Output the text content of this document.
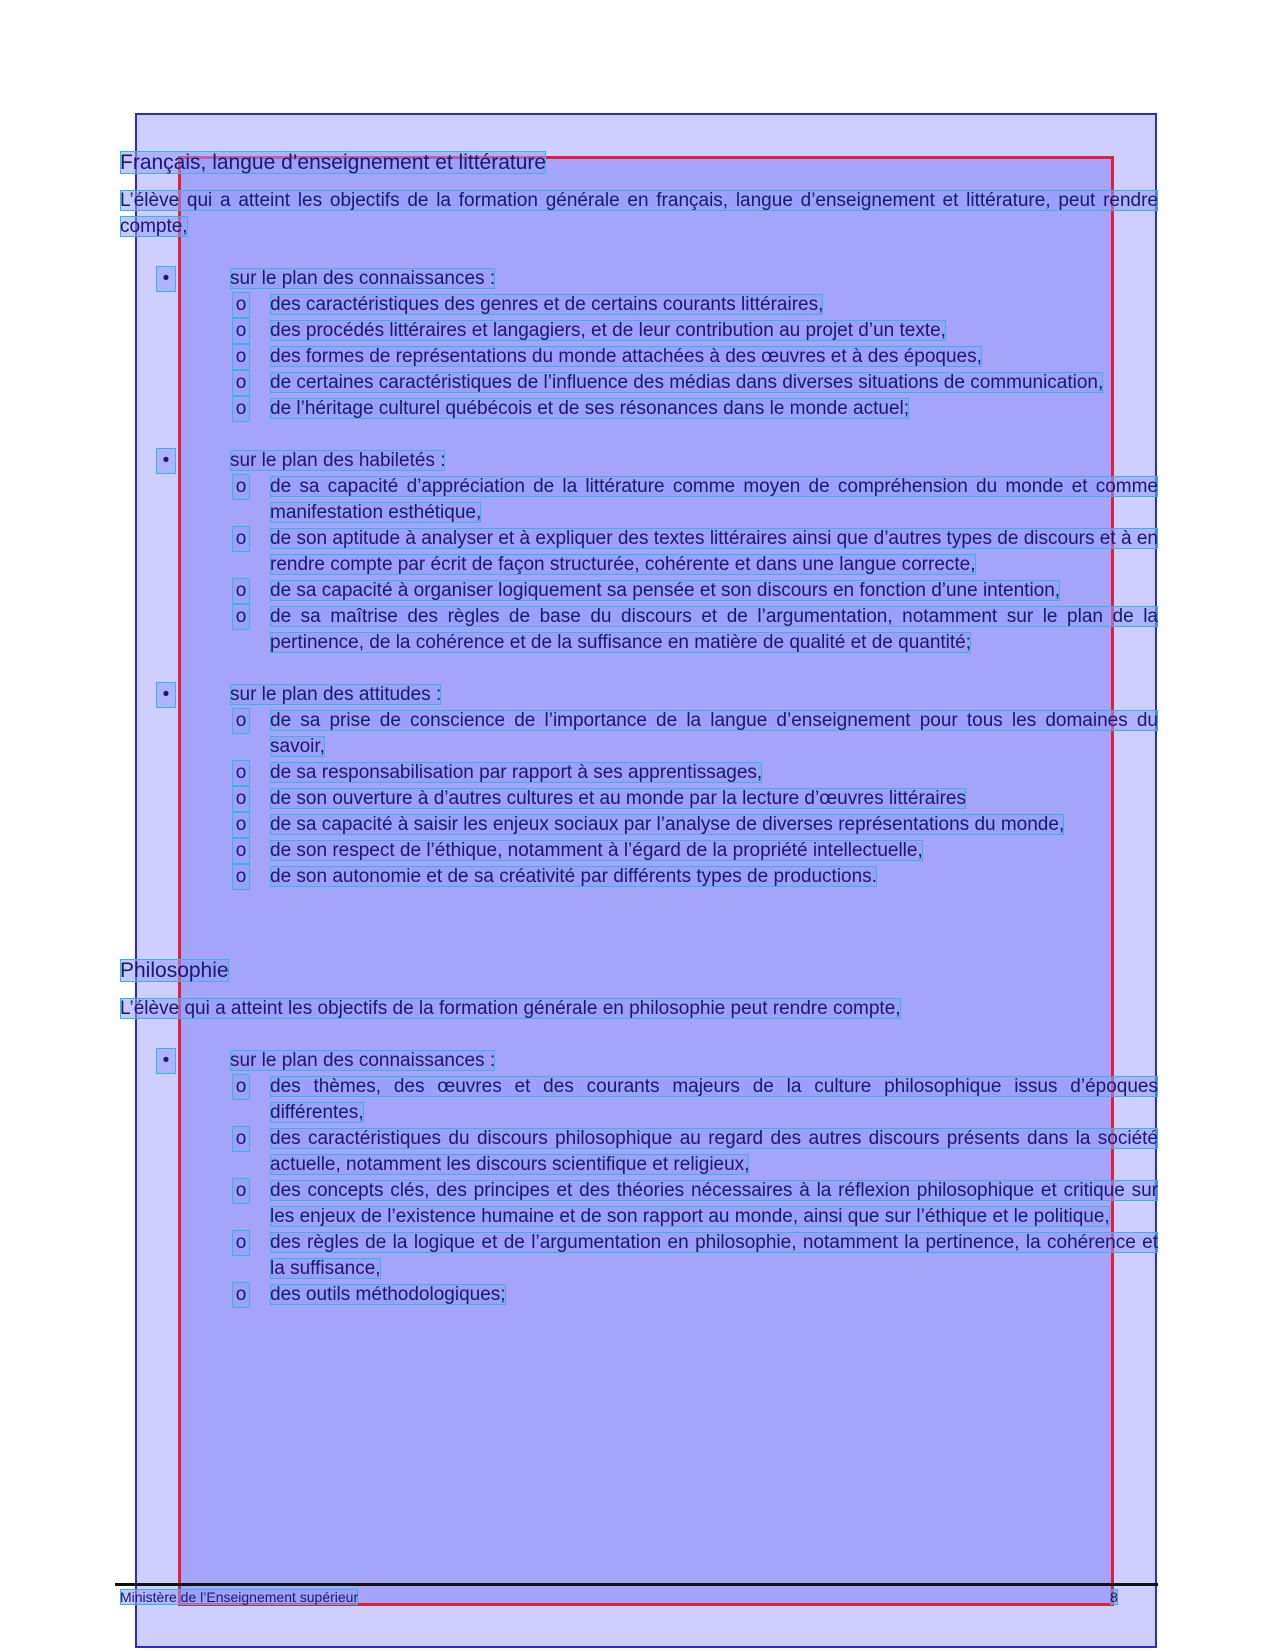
Français, langue d’enseignement et littérature

L’élève qui a atteint les objectifs de la formation générale en français, langue d’enseignement et littérature, peut rendre compte,

•	sur le plan des connaissances :
o des caractéristiques des genres et de certains courants littéraires,
o des procédés littéraires et langagiers, et de leur contribution au projet d’un texte,
o des formes de représentations du monde attachées à des œuvres et à des époques,
o de certaines caractéristiques de l’influence des médias dans diverses situations de communication,
o de l’héritage culturel québécois et de ses résonances dans le monde actuel;
•	sur le plan des habiletés :
o de sa capacité d’appréciation de la littérature comme moyen de compréhension du monde et comme manifestation esthétique,
o de son aptitude à analyser et à expliquer des textes littéraires ainsi que d’autres types de discours et à en rendre compte par écrit de façon structurée, cohérente et dans une langue correcte,
o de sa capacité à organiser logiquement sa pensée et son discours en fonction d’une intention,
o de sa maîtrise des règles de base du discours et de l’argumentation, notamment sur le plan de la pertinence, de la cohérence et de la suffisance en matière de qualité et de quantité;
•	sur le plan des attitudes :
o de sa prise de conscience de l’importance de la langue d’enseignement pour tous les domaines du savoir,
o de sa responsabilisation par rapport à ses apprentissages,
o de son ouverture à d’autres cultures et au monde par la lecture d’œuvres littéraires
o de sa capacité à saisir les enjeux sociaux par l’analyse de diverses représentations du monde,
o de son respect de l’éthique, notamment à l’égard de la propriété intellectuelle,
o de son autonomie et de sa créativité par différents types de productions.
Philosophie

L’élève qui a atteint les objectifs de la formation générale en philosophie peut rendre compte,

•	sur le plan des connaissances :
o des thèmes, des œuvres et des courants majeurs de la culture philosophique issus d’époques différentes,
o des caractéristiques du discours philosophique au regard des autres discours présents dans la société actuelle, notamment les discours scientifique et religieux,
o des concepts clés, des principes et des théories nécessaires à la réflexion philosophique et critique sur les enjeux de l’existence humaine et de son rapport au monde, ainsi que sur l’éthique et le politique,
o des règles de la logique et de l’argumentation en philosophie, notamment la pertinence, la cohérence et la suffisance,
o des outils méthodologiques;
Ministère de l’Enseignement supérieur	8
